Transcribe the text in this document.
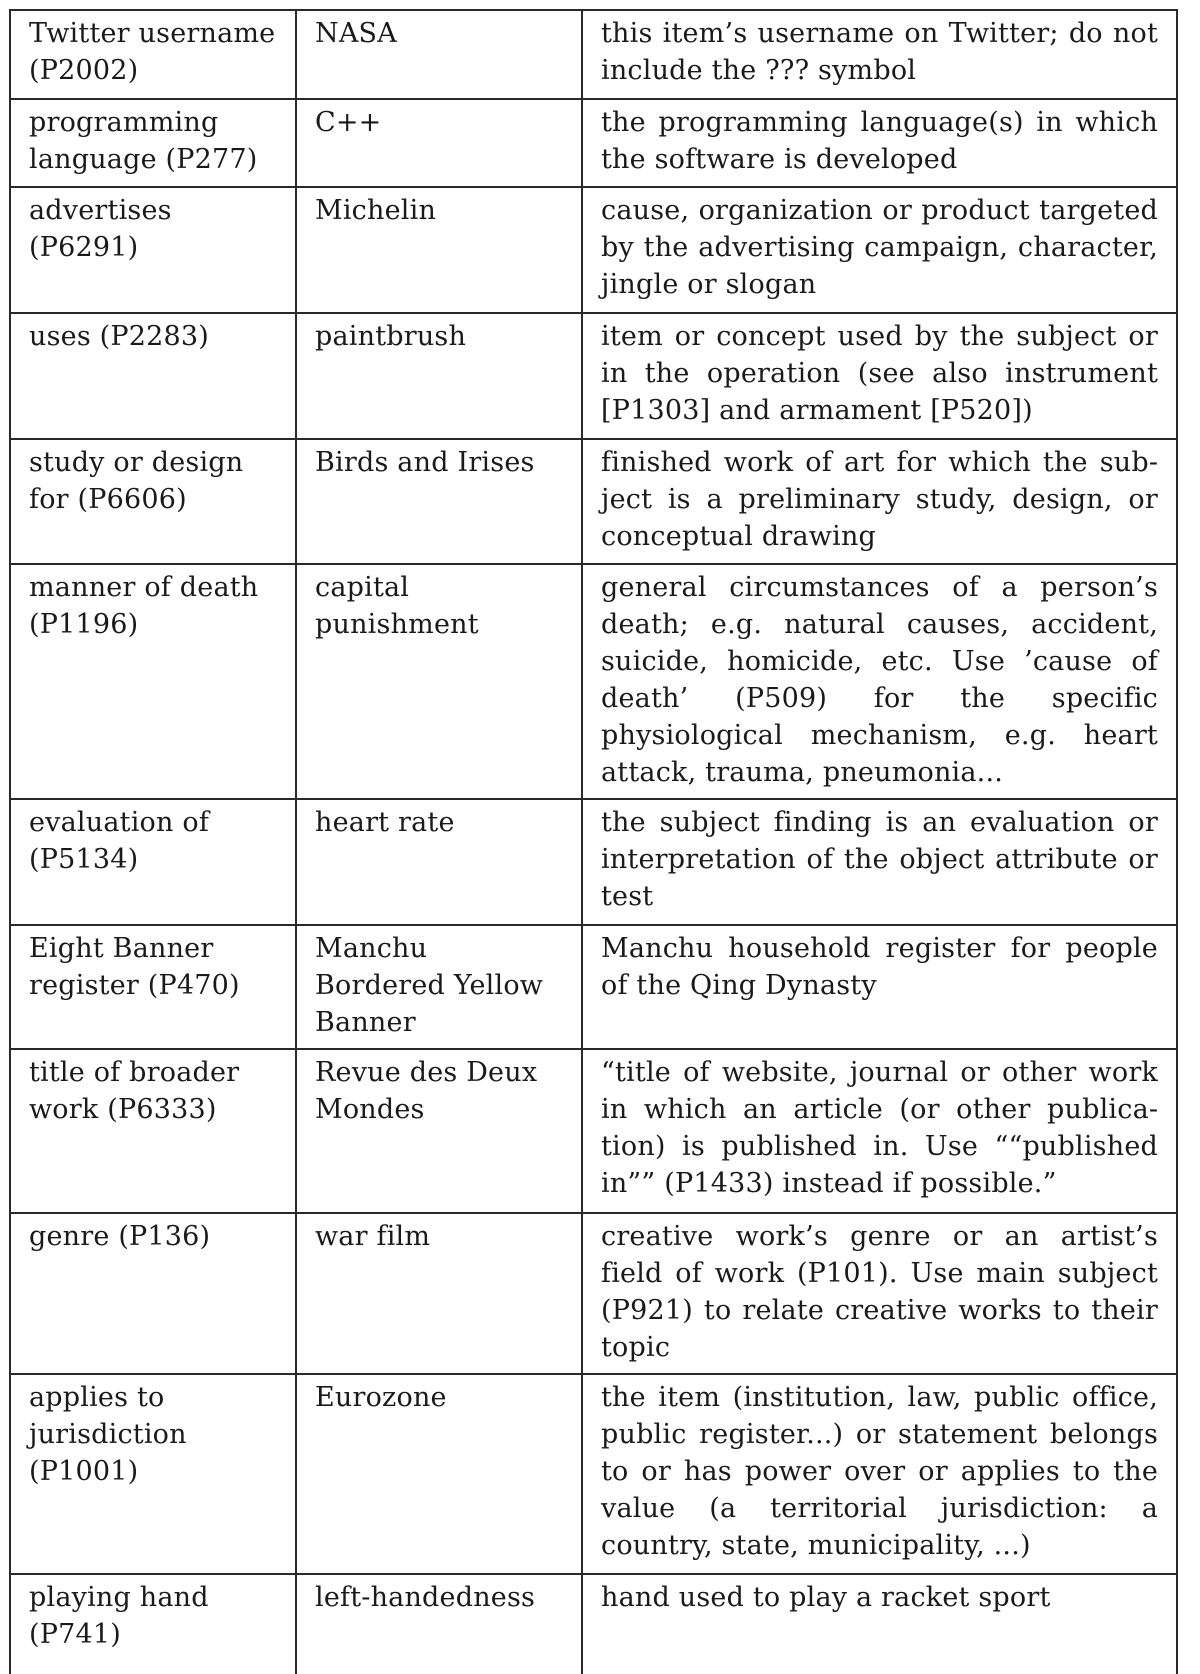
Twitter username (P2002)	NASA	this item’s username on Twitter; do not include the ??? symbol
programming language (P277)	C++	the programming language(s) in which the software is developed
advertises (P6291)	Michelin	cause, organization or product targeted by the advertising campaign, character, jingle or slogan
uses (P2283)	paintbrush	item or concept used by the subject or in the operation (see also instrument [P1303] and armament [P520])
study or design for (P6606)	Birds and Irises	finished work of art for which the subject is a preliminary study, design, or conceptual drawing
manner of death (P1196)	capital punishment	general circumstances of a person’s death; e.g. natural causes, accident, suicide, homicide, etc. Use ’cause of death’ (P509) for the specific physiological mechanism, e.g. heart attack, trauma, pneumonia...
evaluation of (P5134)	heart rate	the subject finding is an evaluation or interpretation of the object attribute or test
Eight Banner register (P470)	Manchu Bordered Yellow Banner	Manchu household register for people of the Qing Dynasty
title of broader work (P6333)	Revue des Deux Mondes	“title of website, journal or other work in which an article (or other publication) is published in. Use ““published in”” (P1433) instead if possible.”
genre (P136)	war film	creative work’s genre or an artist’s field of work (P101). Use main subject (P921) to relate creative works to their topic
applies to jurisdiction (P1001)	Eurozone	the item (institution, law, public office, public register...) or statement belongs to or has power over or applies to the value (a territorial jurisdiction: a country, state, municipality, ...)
playing hand (P741)	left-handedness	hand used to play a racket sport
